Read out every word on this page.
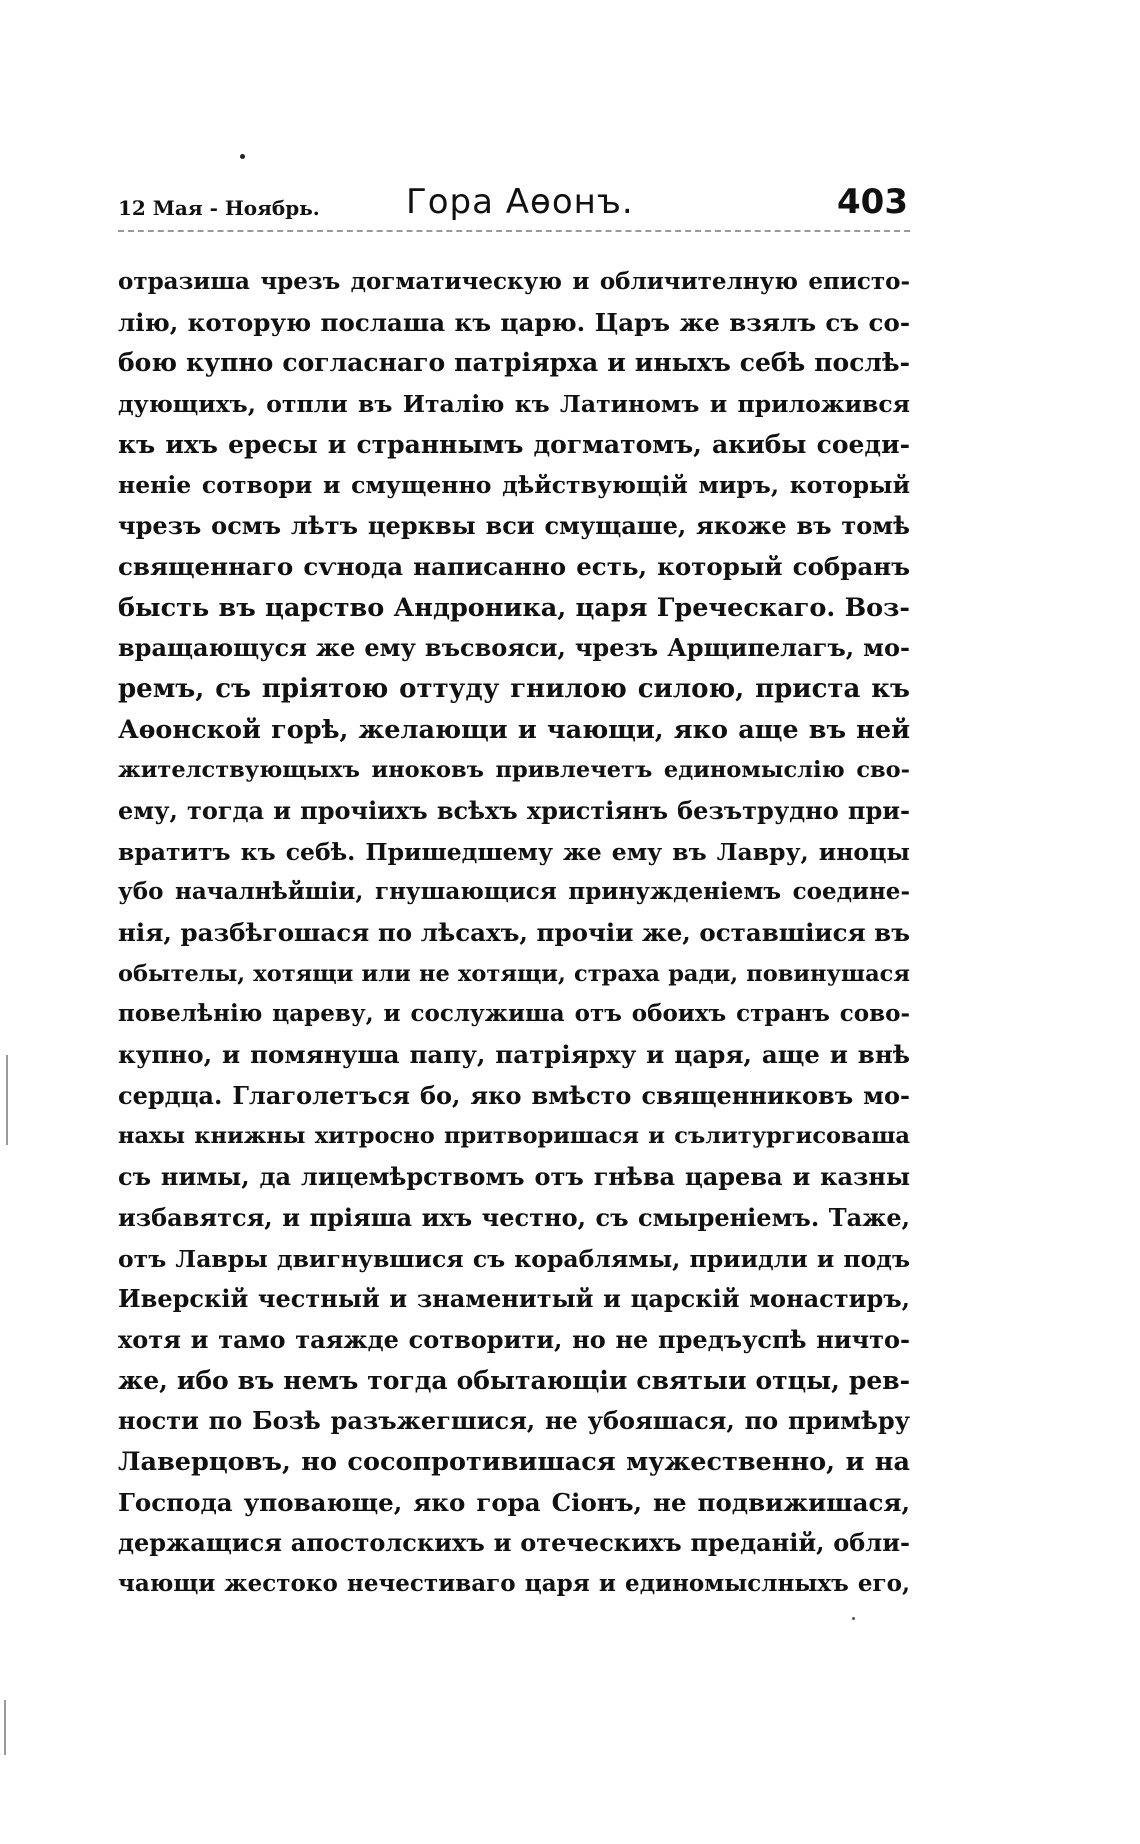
12 Мая - Ноябрь.	Гора Аѳонъ.	403
отразиша чрезъ догматическую и обличителную еписто-
лію, которую послаша къ царю. Царъ же взялъ съ со-
бою купно согласнаго патріярха и иныхъ себѣ послѣ-
дующихъ, отпли въ Италію къ Латиномъ и приложився
къ ихъ ересы и страннымъ догматомъ, акибы соеди-
неніе сотвори и смущенно дѣйствующій миръ, который
чрезъ осмъ лѣтъ церквы вси смущаше, якоже въ томѣ
священнаго сѵнода написанно есть, который собранъ
бысть въ царство Андроника, царя Греческаго. Воз-
вращающуся же ему въсвояси, чрезъ Арщипелагъ, мо-
ремъ, съ пріятою оттуду гнилою силою, приста къ
Аѳонской горѣ, желающи и чающи, яко аще въ ней
жителствующыхъ иноковъ привлечетъ единомыслію сво-
ему, тогда и прочіихъ всѣхъ христіянъ безътрудно при-
вратитъ къ себѣ. Пришедшему же ему въ Лавру, иноцы
убо началнѣйшіи, гнушающися принужденіемъ соедине-
нія, разбѣгошася по лѣсахъ, прочіи же, оставшіися въ
обытелы, хотящи или не хотящи, страха ради, повинушася
повелѣнію цареву, и сослужиша отъ обоихъ странъ сово-
купно, и помянуша папу, патріярху и царя, аще и внѣ
сердца. Глаголетъся бо, яко вмѣсто священниковъ мо-
нахы книжны хитросно притворишася и сълитургисоваша
съ нимы, да лицемѣрствомъ отъ гнѣва царева и казны
избавятся, и пріяша ихъ честно, съ смыреніемъ. Таже,
отъ Лавры двигнувшися съ кораблямы, приидли и подъ
Иверскій честный и знаменитый и царскій монастиръ,
хотя и тамо таяжде сотворити, но не предъуспѣ ничто-
же, ибо въ немъ тогда обытающіи святыи отцы, рев-
ности по Бозѣ разъжегшися, не убояшася, по примѣру
Лаверцовъ, но сосопротивишася мужественно, и на
Господа уповающе, яко гора Сіонъ, не подвижишася,
держащися апостолскихъ и отеческихъ преданій, обли-
чающи жестоко нечестиваго царя и единомыслныхъ его,
